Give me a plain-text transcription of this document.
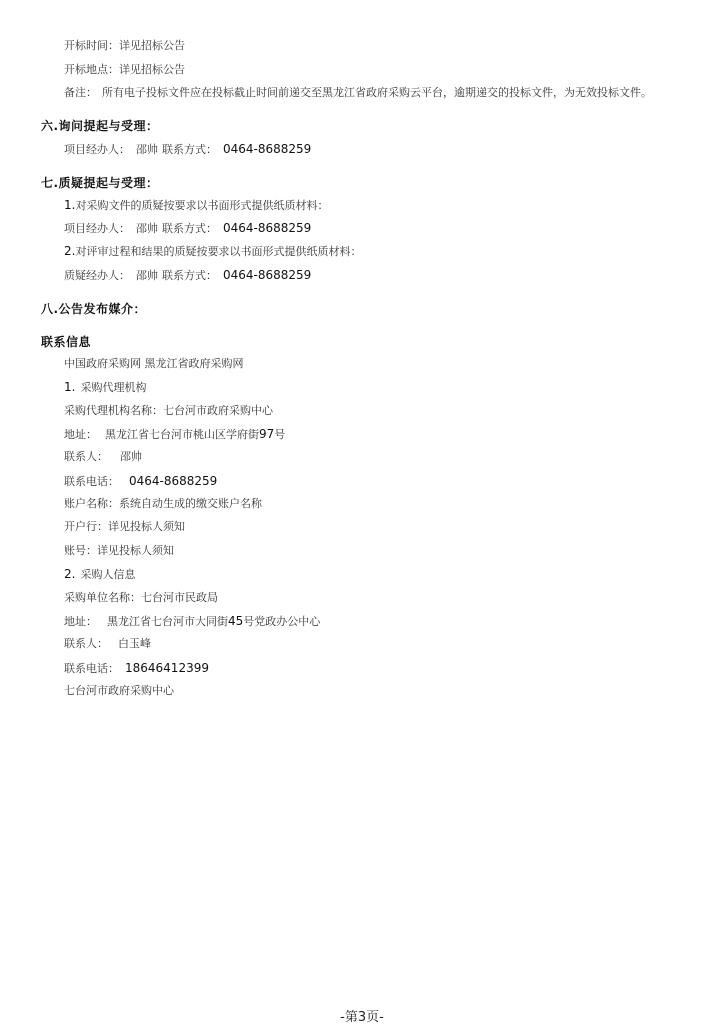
开标时间：详见招标公告
开标地点：详见招标公告
备注： 所有电子投标文件应在投标截止时间前递交至黑龙江省政府采购云平台，逾期递交的投标文件，为无效投标文件。
六.询问提起与受理：
项目经办人： 邵帅 联系方式： 0464-8688259
七.质疑提起与受理：
1.对采购文件的质疑按要求以书面形式提供纸质材料：
项目经办人： 邵帅 联系方式： 0464-8688259
2.对评审过程和结果的质疑按要求以书面形式提供纸质材料：
质疑经办人： 邵帅 联系方式： 0464-8688259
八.公告发布媒介：
联系信息
中国政府采购网 黑龙江省政府采购网
1. 采购代理机构
采购代理机构名称：七台河市政府采购中心
地址： 黑龙江省七台河市桃山区学府街97号
联系人： 邵帅
联系电话： 0464-8688259
账户名称：系统自动生成的缴交账户名称
开户行：详见投标人须知
账号：详见投标人须知
2. 采购人信息
采购单位名称：七台河市民政局
地址： 黑龙江省七台河市大同街45号党政办公中心
联系人： 白玉峰
联系电话： 18646412399
七台河市政府采购中心
-第3页-
